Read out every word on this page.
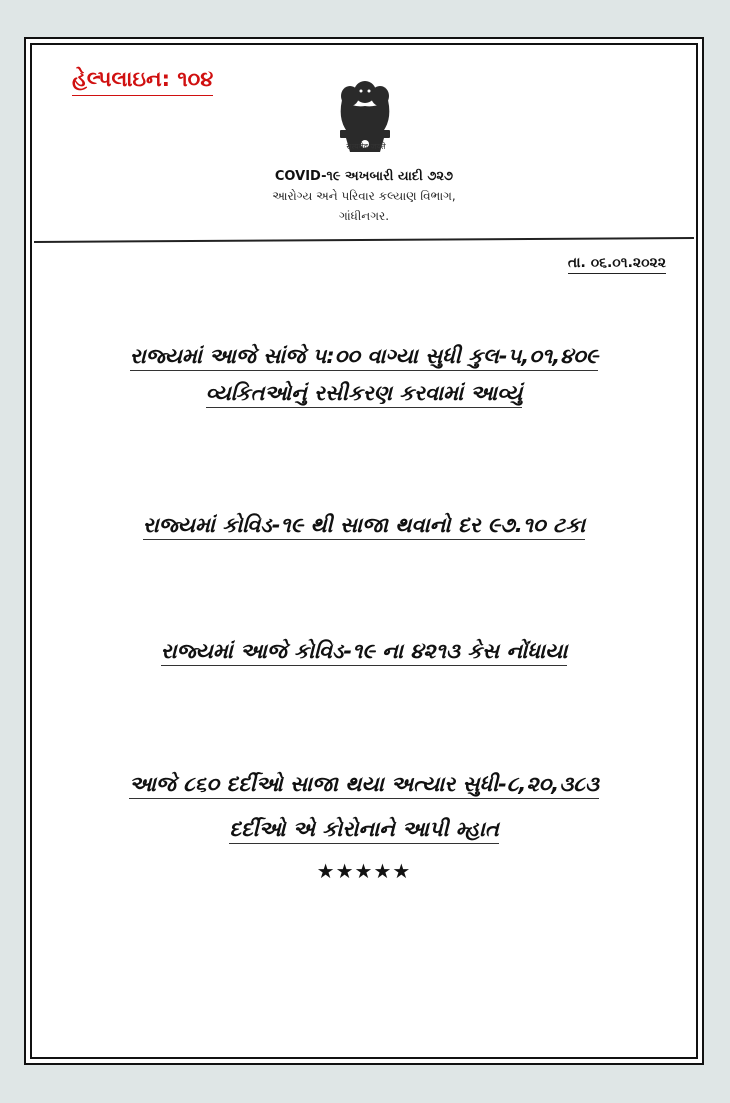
હેલ્પલાઇન: ૧૦૪
सत्यमेव जयते
COVID-૧૯ અખબારી યાદી ૭૨૭
આરોગ્ય અને પરિવાર કલ્યાણ વિભાગ,
ગાંધીનગર.
તા. ૦૬.૦૧.૨૦૨૨
રાજ્યમાં આજે સાંજે ૫:૦૦ વાગ્યા સુધી કુલ-૫,૦૧,૪૦૯
વ્યકિતઓનું રસીકરણ કરવામાં આવ્યું
રાજ્યમાં કોવિડ-૧૯ થી સાજા થવાનો દર ૯૭.૧૦ ટકા
રાજ્યમાં આજે કોવિડ-૧૯ ના ૪૨૧૩ કેસ નોંધાયા
આજે ૮૬૦ દર્દીઓ સાજા થયા અત્યાર સુધી-૮,૨૦,૩૮૩
દર્દીઓ એ કોરોનાને આપી મ્હાત
★★★★★
